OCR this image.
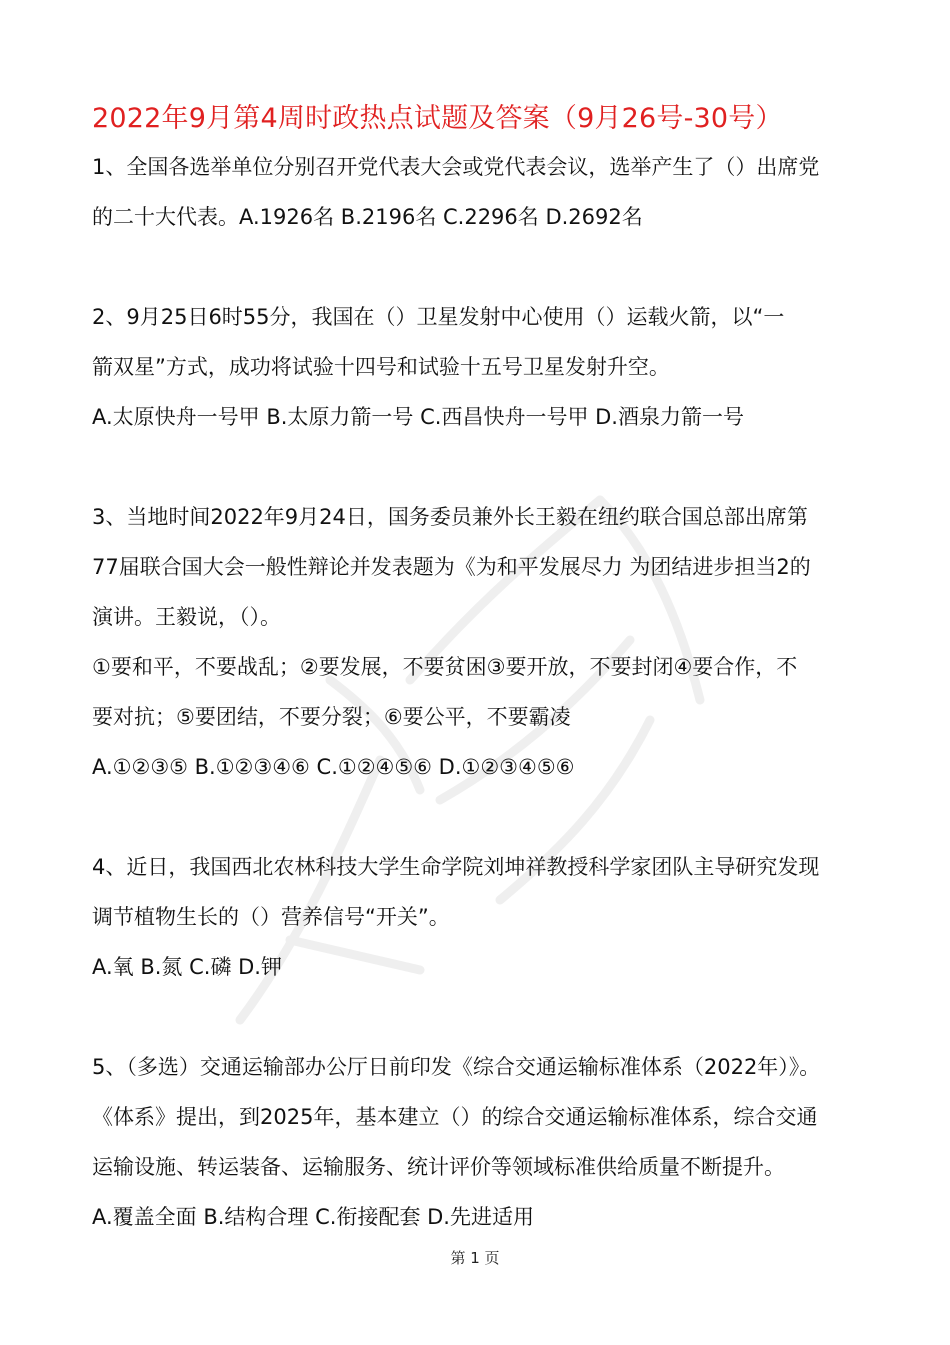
2022年9月第4周时政热点试题及答案（9月26号-30号）
1、全国各选举单位分别召开党代表大会或党代表会议，选举产生了（）出席党
的二十大代表。A.1926名 B.2196名 C.2296名 D.2692名
2、9月25日6时55分，我国在（）卫星发射中心使用（）运载火箭，以“一
箭双星”方式，成功将试验十四号和试验十五号卫星发射升空。
A.太原快舟一号甲 B.太原力箭一号 C.西昌快舟一号甲 D.酒泉力箭一号
3、当地时间2022年9月24日，国务委员兼外长王毅在纽约联合国总部出席第
77届联合国大会一般性辩论并发表题为《为和平发展尽力 为团结进步担当2的
演讲。王毅说，（）。
①要和平，不要战乱；②要发展，不要贫困③要开放，不要封闭④要合作，不
要对抗；⑤要团结，不要分裂；⑥要公平，不要霸凌
A.①②③⑤ B.①②③④⑥ C.①②④⑤⑥ D.①②③④⑤⑥
4、近日，我国西北农林科技大学生命学院刘坤祥教授科学家团队主导研究发现
调节植物生长的（）营养信号“开关”。
A.氧 B.氮 C.磷 D.钾
5、（多选）交通运输部办公厅日前印发《综合交通运输标准体系（2022年）》。
《体系》提出，到2025年，基本建立（）的综合交通运输标准体系，综合交通
运输设施、转运装备、运输服务、统计评价等领域标准供给质量不断提升。
A.覆盖全面 B.结构合理 C.衔接配套 D.先进适用
第 1 页
